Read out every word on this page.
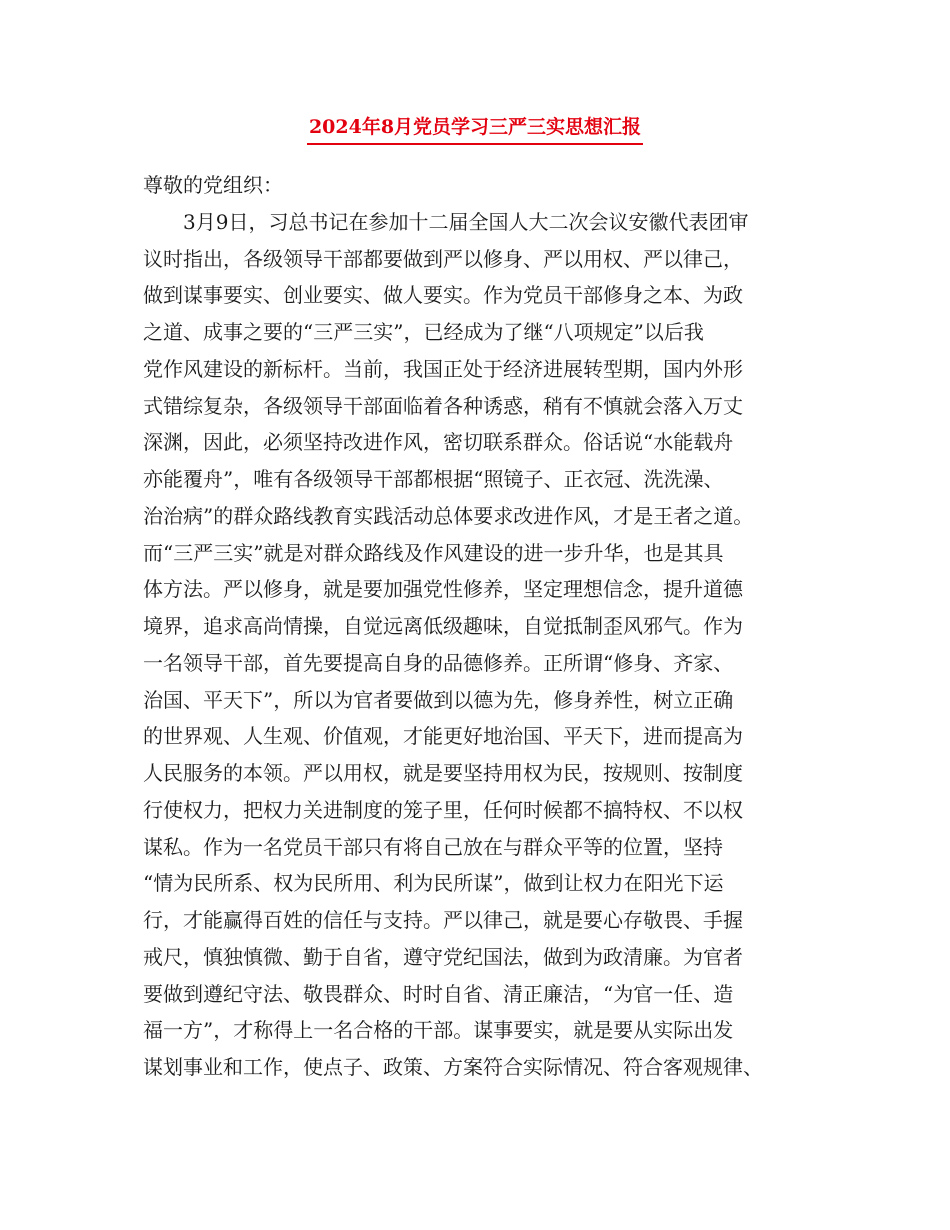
2024年8月党员学习三严三实思想汇报
尊敬的党组织：
3月9日，习总书记在参加十二届全国人大二次会议安徽代表团审
议时指出，各级领导干部都要做到严以修身、严以用权、严以律己，
做到谋事要实、创业要实、做人要实。作为党员干部修身之本、为政
之道、成事之要的“三严三实”，已经成为了继“八项规定”以后我
党作风建设的新标杆。当前，我国正处于经济进展转型期，国内外形
式错综复杂，各级领导干部面临着各种诱惑，稍有不慎就会落入万丈
深渊，因此，必须坚持改进作风，密切联系群众。俗话说“水能载舟
亦能覆舟”，唯有各级领导干部都根据“照镜子、正衣冠、洗洗澡、
治治病”的群众路线教育实践活动总体要求改进作风，才是王者之道。
而“三严三实”就是对群众路线及作风建设的进一步升华，也是其具
体方法。严以修身，就是要加强党性修养，坚定理想信念，提升道德
境界，追求高尚情操，自觉远离低级趣味，自觉抵制歪风邪气。作为
一名领导干部，首先要提高自身的品德修养。正所谓“修身、齐家、
治国、平天下”，所以为官者要做到以德为先，修身养性，树立正确
的世界观、人生观、价值观，才能更好地治国、平天下，进而提高为
人民服务的本领。严以用权，就是要坚持用权为民，按规则、按制度
行使权力，把权力关进制度的笼子里，任何时候都不搞特权、不以权
谋私。作为一名党员干部只有将自己放在与群众平等的位置，坚持
“情为民所系、权为民所用、利为民所谋”，做到让权力在阳光下运
行，才能赢得百姓的信任与支持。严以律己，就是要心存敬畏、手握
戒尺，慎独慎微、勤于自省，遵守党纪国法，做到为政清廉。为官者
要做到遵纪守法、敬畏群众、时时自省、清正廉洁，“为官一任、造
福一方”，才称得上一名合格的干部。谋事要实，就是要从实际出发
谋划事业和工作，使点子、政策、方案符合实际情况、符合客观规律、
